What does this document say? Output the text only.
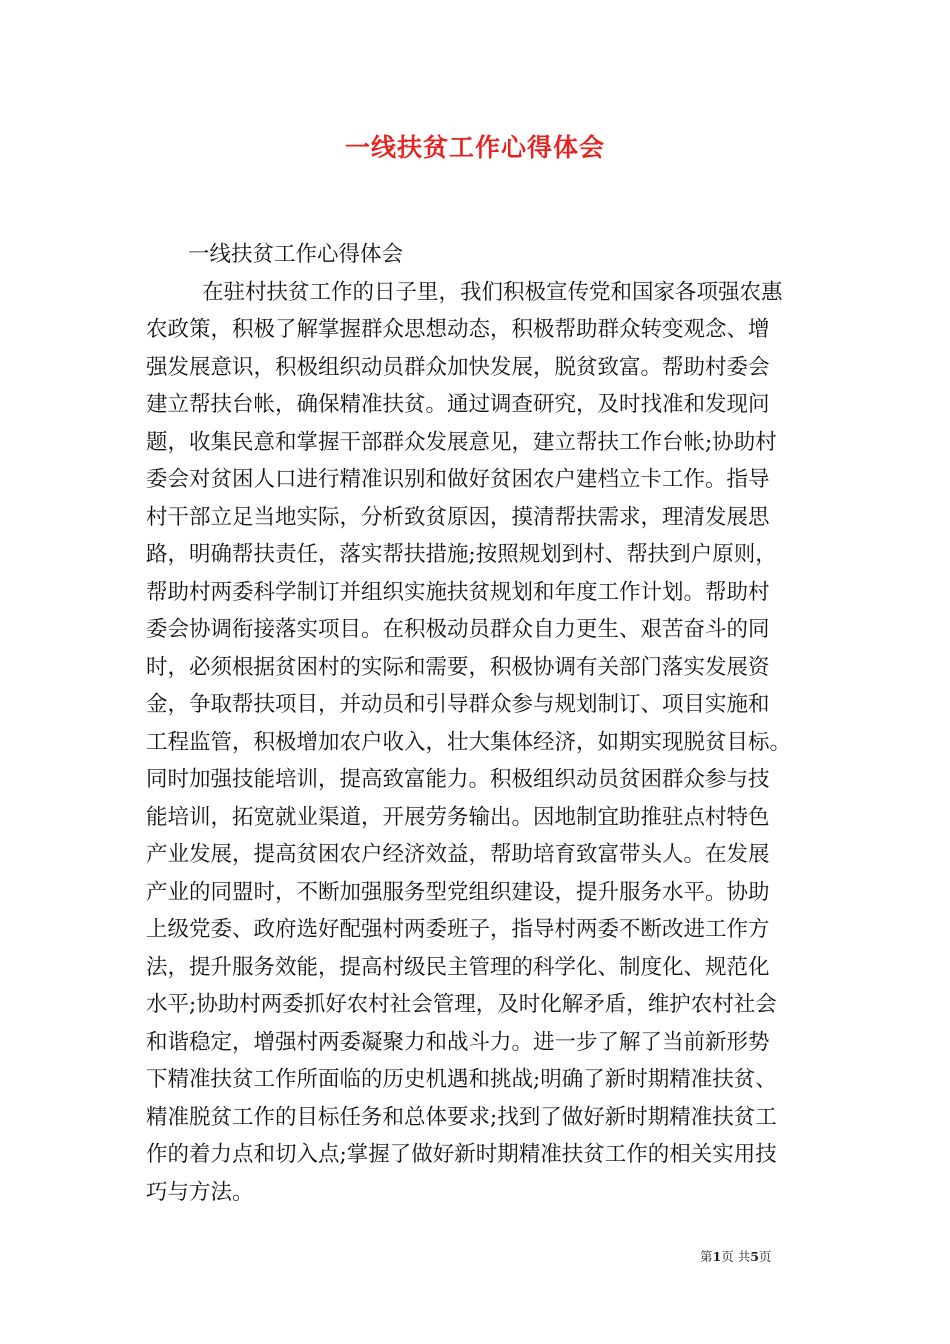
一线扶贫工作心得体会
一线扶贫工作心得体会
在驻村扶贫工作的日子里，我们积极宣传党和国家各项强农惠
农政策，积极了解掌握群众思想动态，积极帮助群众转变观念、增
强发展意识，积极组织动员群众加快发展，脱贫致富。帮助村委会
建立帮扶台帐，确保精准扶贫。通过调查研究，及时找准和发现问
题，收集民意和掌握干部群众发展意见，建立帮扶工作台帐;协助村
委会对贫困人口进行精准识别和做好贫困农户建档立卡工作。指导
村干部立足当地实际，分析致贫原因，摸清帮扶需求，理清发展思
路，明确帮扶责任，落实帮扶措施;按照规划到村、帮扶到户原则，
帮助村两委科学制订并组织实施扶贫规划和年度工作计划。帮助村
委会协调衔接落实项目。在积极动员群众自力更生、艰苦奋斗的同
时，必须根据贫困村的实际和需要，积极协调有关部门落实发展资
金，争取帮扶项目，并动员和引导群众参与规划制订、项目实施和
工程监管，积极增加农户收入，壮大集体经济，如期实现脱贫目标。
同时加强技能培训，提高致富能力。积极组织动员贫困群众参与技
能培训，拓宽就业渠道，开展劳务输出。因地制宜助推驻点村特色
产业发展，提高贫困农户经济效益，帮助培育致富带头人。在发展
产业的同盟时，不断加强服务型党组织建设，提升服务水平。协助
上级党委、政府选好配强村两委班子，指导村两委不断改进工作方
法，提升服务效能，提高村级民主管理的科学化、制度化、规范化
水平;协助村两委抓好农村社会管理，及时化解矛盾，维护农村社会
和谐稳定，增强村两委凝聚力和战斗力。进一步了解了当前新形势
下精准扶贫工作所面临的历史机遇和挑战;明确了新时期精准扶贫、
精准脱贫工作的目标任务和总体要求;找到了做好新时期精准扶贫工
作的着力点和切入点;掌握了做好新时期精准扶贫工作的相关实用技
巧与方法。
第1页 共5页
